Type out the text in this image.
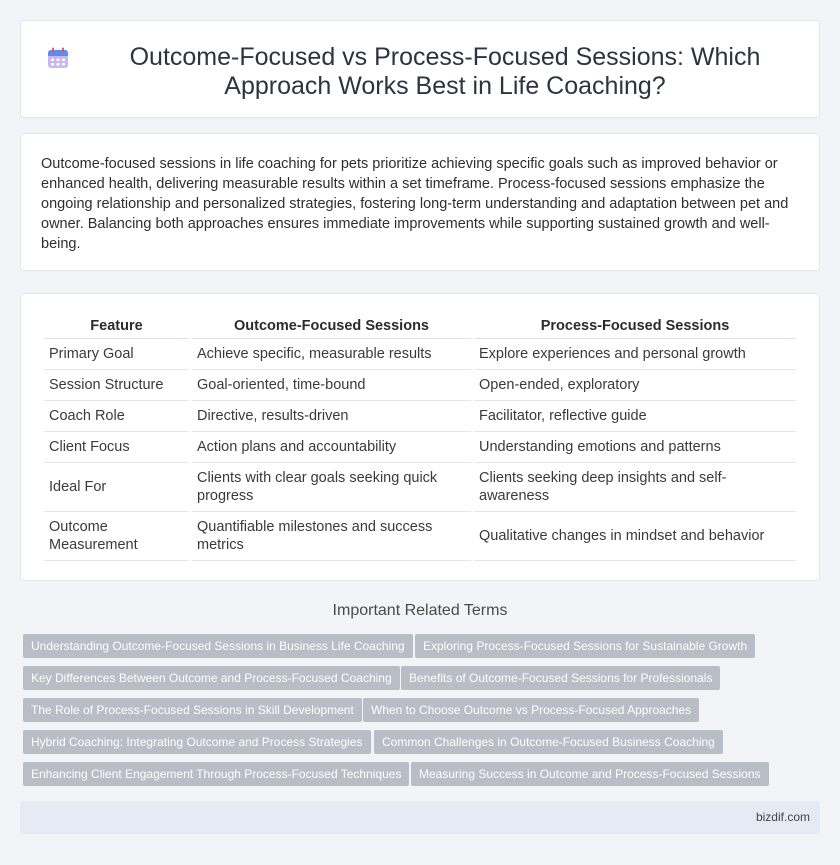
Outcome-Focused vs Process-Focused Sessions: Which Approach Works Best in Life Coaching?

Outcome-focused sessions in life coaching for pets prioritize achieving specific goals such as improved behavior or enhanced health, delivering measurable results within a set timeframe. Process-focused sessions emphasize the ongoing relationship and personalized strategies, fostering long-term understanding and adaptation between pet and owner. Balancing both approaches ensures immediate improvements while supporting sustained growth and well-being.

Feature	Outcome-Focused Sessions	Process-Focused Sessions
Primary Goal	Achieve specific, measurable results	Explore experiences and personal growth
Session Structure	Goal-oriented, time-bound	Open-ended, exploratory
Coach Role	Directive, results-driven	Facilitator, reflective guide
Client Focus	Action plans and accountability	Understanding emotions and patterns
Ideal For	Clients with clear goals seeking quick progress	Clients seeking deep insights and self-awareness
Outcome Measurement	Quantifiable milestones and success metrics	Qualitative changes in mindset and behavior
Important Related Terms
Understanding Outcome-Focused Sessions in Business Life Coaching	Exploring Process-Focused Sessions for Sustainable Growth
Key Differences Between Outcome and Process-Focused Coaching	Benefits of Outcome-Focused Sessions for Professionals
The Role of Process-Focused Sessions in Skill Development	When to Choose Outcome vs Process-Focused Approaches
Hybrid Coaching: Integrating Outcome and Process Strategies	Common Challenges in Outcome-Focused Business Coaching
Enhancing Client Engagement Through Process-Focused Techniques	Measuring Success in Outcome and Process-Focused Sessions
bizdif.com
